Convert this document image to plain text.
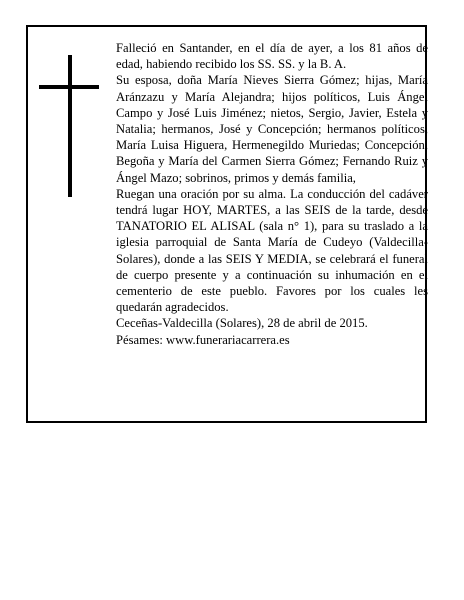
Falleció en Santander, en el día de ayer, a los 81 años de edad, habiendo recibido los SS. SS. y la B. A.

Su esposa, doña María Nieves Sierra Gómez; hijas, María Aránzazu y María Alejandra; hijos políticos, Luis Ángel Campo y José Luis Jiménez; nietos, Sergio, Javier, Estela y Natalia; hermanos, José y Concepción; hermanos políticos, María Luisa Higuera, Hermenegildo Muriedas; Concepción, Begoña y María del Carmen Sierra Gómez; Fernando Ruiz y Ángel Mazo; sobrinos, primos y demás familia,

Ruegan una oración por su alma. La conducción del cadáver tendrá lugar HOY, MARTES, a las SEIS de la tarde, desde TANATORIO EL ALISAL (sala n° 1), para su traslado a la iglesia parroquial de Santa María de Cudeyo (Valdecilla-Solares), donde a las SEIS Y MEDIA, se celebrará el funeral de cuerpo presente y a continuación su inhumación en el cementerio de este pueblo. Favores por los cuales les quedarán agradecidos.

Ceceñas-Valdecilla (Solares), 28 de abril de 2015.

Pésames: www.funerariacarrera.es
